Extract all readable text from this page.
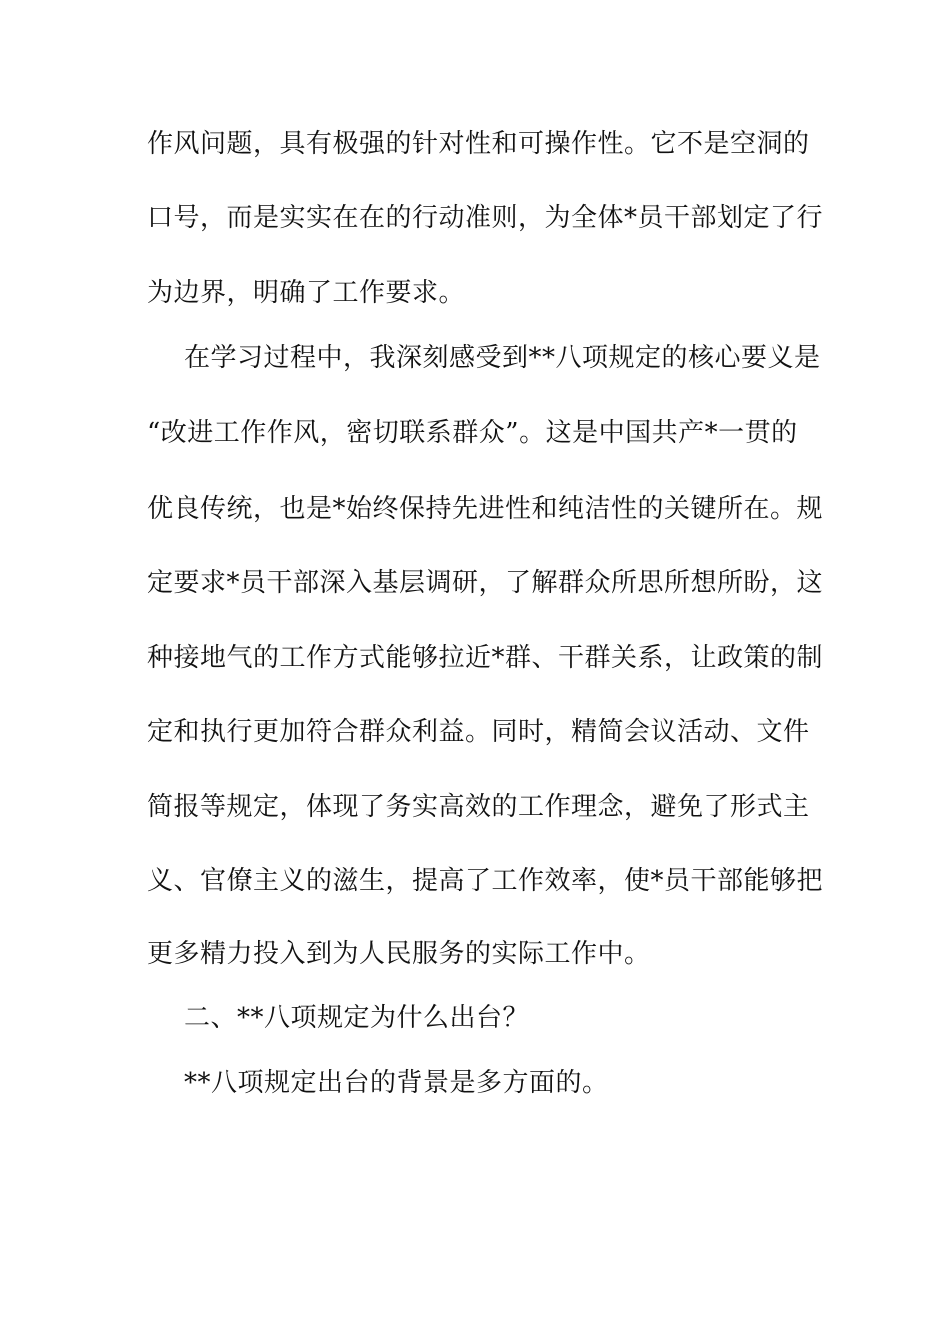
作风问题，具有极强的针对性和可操作性。它不是空洞的
口号，而是实实在在的行动准则，为全体*员干部划定了行
为边界，明确了工作要求。
在学习过程中，我深刻感受到**八项规定的核心要义是
“改进工作作风，密切联系群众”。这是中国共产*一贯的
优良传统，也是*始终保持先进性和纯洁性的关键所在。规
定要求*员干部深入基层调研，了解群众所思所想所盼，这
种接地气的工作方式能够拉近*群、干群关系，让政策的制
定和执行更加符合群众利益。同时，精简会议活动、文件
简报等规定，体现了务实高效的工作理念，避免了形式主
义、官僚主义的滋生，提高了工作效率，使*员干部能够把
更多精力投入到为人民服务的实际工作中。
二、**八项规定为什么出台？
**八项规定出台的背景是多方面的。
